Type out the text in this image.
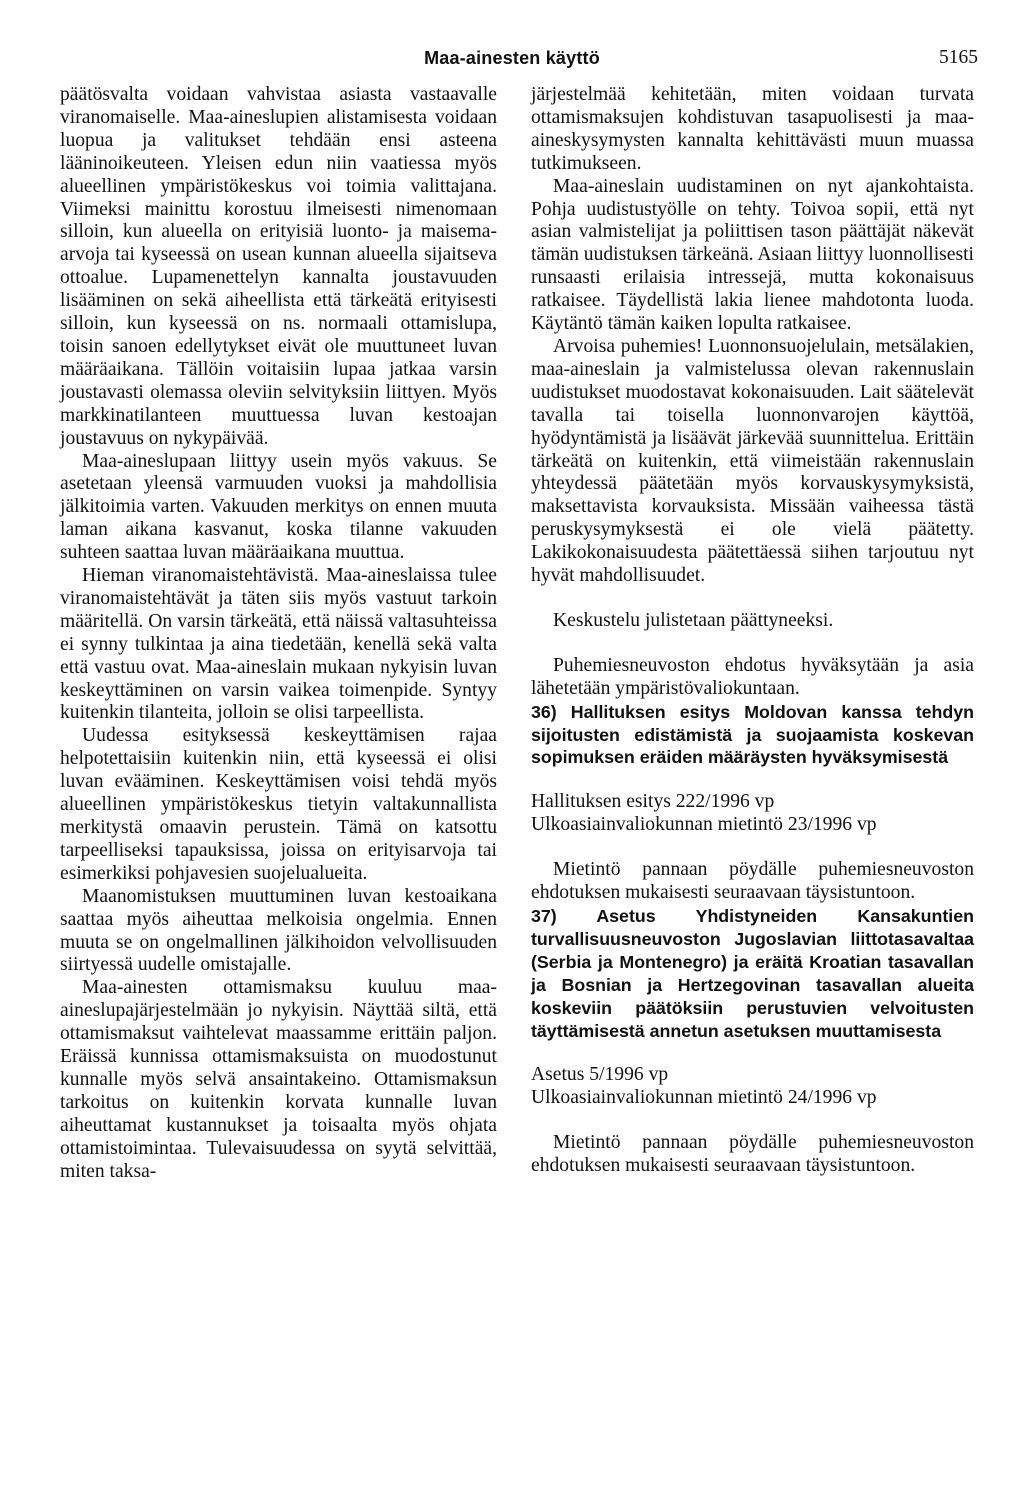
Maa-ainesten käyttö	5165

päätösvalta voidaan vahvistaa asiasta vastaavalle viranomaiselle. Maa-aineslupien alistamisesta voidaan luopua ja valitukset tehdään ensi asteena lääninoikeuteen. Yleisen edun niin vaatiessa myös alueellinen ympäristökeskus voi toimia valittajana. Viimeksi mainittu korostuu ilmeisesti nimenomaan silloin, kun alueella on erityisiä luonto- ja maisema-arvoja tai kyseessä on usean kunnan alueella sijaitseva ottoalue. Lupamenettelyn kannalta joustavuuden lisääminen on sekä aiheellista että tärkeätä erityisesti silloin, kun kyseessä on ns. normaali ottamislupa, toisin sanoen edellytykset eivät ole muuttuneet luvan määräaikana. Tällöin voitaisiin lupaa jatkaa varsin joustavasti olemassa oleviin selvityksiin liittyen. Myös markkinatilanteen muuttuessa luvan kestoajan joustavuus on nykypäivää.

Maa-aineslupaan liittyy usein myös vakuus. Se asetetaan yleensä varmuuden vuoksi ja mahdollisia jälkitoimia varten. Vakuuden merkitys on ennen muuta laman aikana kasvanut, koska tilanne vakuuden suhteen saattaa luvan määräaikana muuttua.

Hieman viranomaistehtävistä. Maa-aineslaissa tulee viranomaistehtävät ja täten siis myös vastuut tarkoin määritellä. On varsin tärkeätä, että näissä valtasuhteissa ei synny tulkintaa ja aina tiedetään, kenellä sekä valta että vastuu ovat. Maa-aineslain mukaan nykyisin luvan keskeyttäminen on varsin vaikea toimenpide. Syntyy kuitenkin tilanteita, jolloin se olisi tarpeellista.

Uudessa esityksessä keskeyttämisen rajaa helpotettaisiin kuitenkin niin, että kyseessä ei olisi luvan evääminen. Keskeyttämisen voisi tehdä myös alueellinen ympäristökeskus tietyin valtakunnallista merkitystä omaavin perustein. Tämä on katsottu tarpeelliseksi tapauksissa, joissa on erityisarvoja tai esimerkiksi pohjavesien suojelualueita.

Maanomistuksen muuttuminen luvan kestoaikana saattaa myös aiheuttaa melkoisia ongelmia. Ennen muuta se on ongelmallinen jälkihoidon velvollisuuden siirtyessä uudelle omistajalle.

Maa-ainesten ottamismaksu kuuluu maa-aineslupajärjestelmään jo nykyisin. Näyttää siltä, että ottamismaksut vaihtelevat maassamme erittäin paljon. Eräissä kunnissa ottamismaksuista on muodostunut kunnalle myös selvä ansaintakeino. Ottamismaksun tarkoitus on kuitenkin korvata kunnalle luvan aiheuttamat kustannukset ja toisaalta myös ohjata ottamistoimintaa. Tulevaisuudessa on syytä selvittää, miten taksa-

järjestelmää kehitetään, miten voidaan turvata ottamismaksujen kohdistuvan tasapuolisesti ja maa-aineskysymysten kannalta kehittävästi muun muassa tutkimukseen.

Maa-aineslain uudistaminen on nyt ajankohtaista. Pohja uudistustyölle on tehty. Toivoa sopii, että nyt asian valmistelijat ja poliittisen tason päättäjät näkevät tämän uudistuksen tärkeänä. Asiaan liittyy luonnollisesti runsaasti erilaisia intressejä, mutta kokonaisuus ratkaisee. Täydellistä lakia lienee mahdotonta luoda. Käytäntö tämän kaiken lopulta ratkaisee.

Arvoisa puhemies! Luonnonsuojelulain, metsälakien, maa-aineslain ja valmistelussa olevan rakennuslain uudistukset muodostavat kokonaisuuden. Lait säätelevät tavalla tai toisella luonnonvarojen käyttöä, hyödyntämistä ja lisäävät järkevää suunnittelua. Erittäin tärkeätä on kuitenkin, että viimeistään rakennuslain yhteydessä päätetään myös korvauskysymyksistä, maksettavista korvauksista. Missään vaiheessa tästä peruskysymyksestä ei ole vielä päätetty. Lakikokonaisuudesta päätettäessä siihen tarjoutuu nyt hyvät mahdollisuudet.

Keskustelu julistetaan päättyneeksi.

Puhemiesneuvoston ehdotus hyväksytään ja asia lähetetään ympäristövaliokuntaan.

36) Hallituksen esitys Moldovan kanssa tehdyn sijoitusten edistämistä ja suojaamista koskevan sopimuksen eräiden määräysten hyväksymisestä

Hallituksen esitys 222/1996 vp
Ulkoasiainvaliokunnan mietintö 23/1996 vp

Mietintö pannaan pöydälle puhemiesneuvoston ehdotuksen mukaisesti seuraavaan täysistuntoon.

37) Asetus Yhdistyneiden Kansakuntien turvallisuusneuvoston Jugoslavian liittotasavaltaa (Serbia ja Montenegro) ja eräitä Kroatian tasavallan ja Bosnian ja Hertzegovinan tasavallan alueita koskeviin päätöksiin perustuvien velvoitusten täyttämisestä annetun asetuksen muuttamisesta

Asetus 5/1996 vp
Ulkoasiainvaliokunnan mietintö 24/1996 vp

Mietintö pannaan pöydälle puhemiesneuvoston ehdotuksen mukaisesti seuraavaan täysistuntoon.
